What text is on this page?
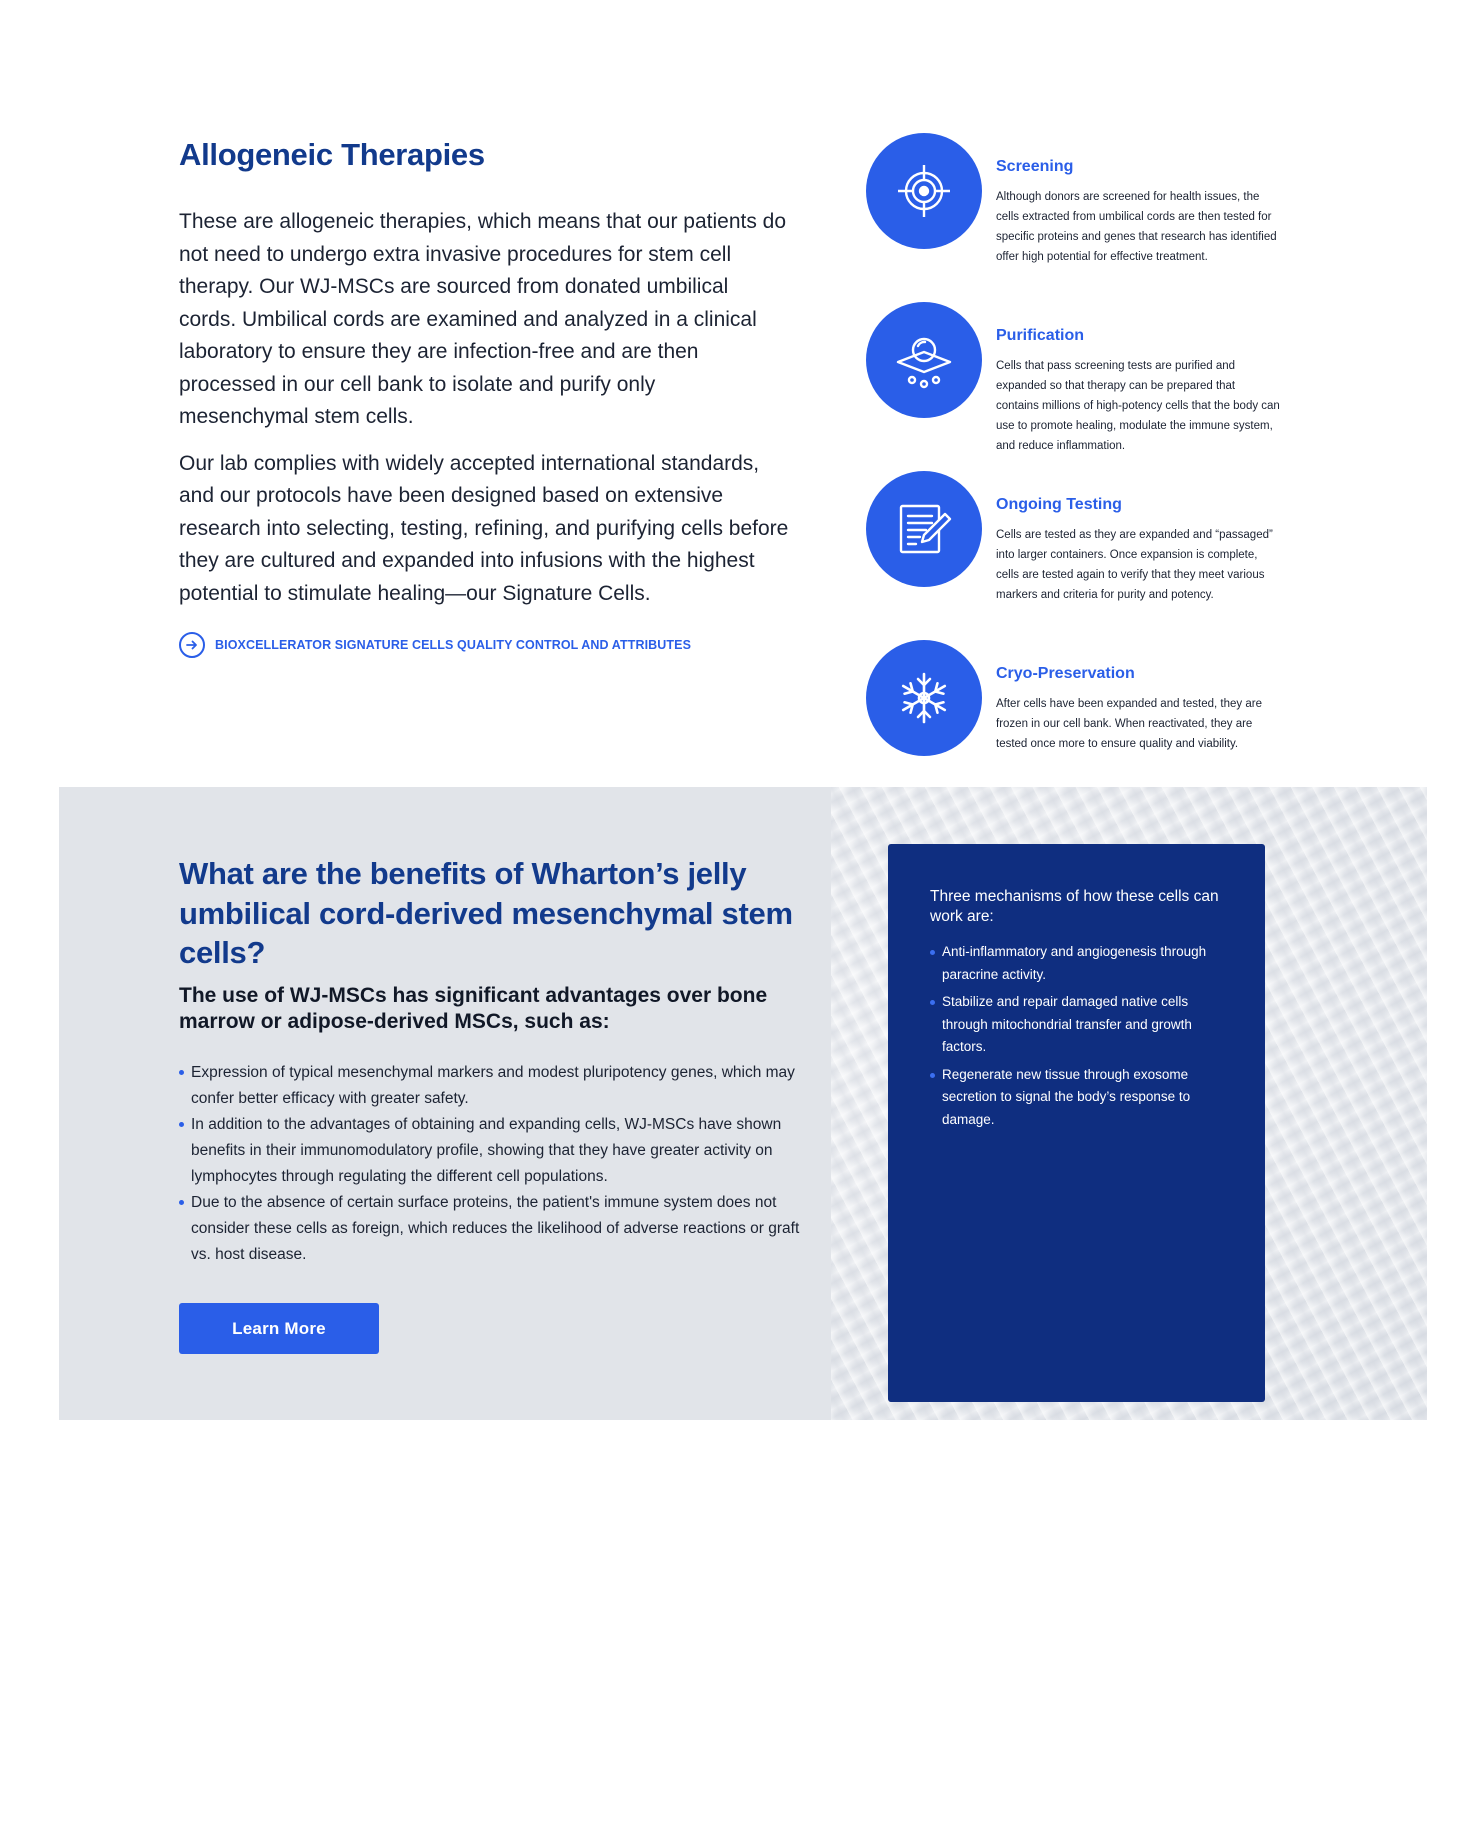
Allogeneic Therapies

These are allogeneic therapies, which means that our patients do not need to undergo extra invasive procedures for stem cell therapy. Our WJ-MSCs are sourced from donated umbilical cords. Umbilical cords are examined and analyzed in a clinical laboratory to ensure they are infection-free and are then processed in our cell bank to isolate and purify only mesenchymal stem cells.

Our lab complies with widely accepted international standards, and our protocols have been designed based on extensive research into selecting, testing, refining, and purifying cells before they are cultured and expanded into infusions with the highest potential to stimulate healing—our Signature Cells.

BIOXCELLERATOR SIGNATURE CELLS QUALITY CONTROL AND ATTRIBUTES
Screening

Although donors are screened for health issues, the cells extracted from umbilical cords are then tested for specific proteins and genes that research has identified offer high potential for effective treatment.

Purification

Cells that pass screening tests are purified and expanded so that therapy can be prepared that contains millions of high-potency cells that the body can use to promote healing, modulate the immune system, and reduce inflammation.

Ongoing Testing

Cells are tested as they are expanded and “passaged” into larger containers. Once expansion is complete, cells are tested again to verify that they meet various markers and criteria for purity and potency.

Cryo-Preservation

After cells have been expanded and tested, they are frozen in our cell bank. When reactivated, they are tested once more to ensure quality and viability.

What are the benefits of Wharton’s jelly umbilical cord-derived mesenchymal stem cells?
The use of WJ-MSCs has significant advantages over bone marrow or adipose-derived MSCs, such as:
Expression of typical mesenchymal markers and modest pluripotency genes, which may confer better efficacy with greater safety.
In addition to the advantages of obtaining and expanding cells, WJ-MSCs have shown benefits in their immunomodulatory profile, showing that they have greater activity on lymphocytes through regulating the different cell populations.
Due to the absence of certain surface proteins, the patient's immune system does not consider these cells as foreign, which reduces the likelihood of adverse reactions or graft vs. host disease.
Learn More
Three mechanisms of how these cells can work are:
Anti-inflammatory and angiogenesis through paracrine activity.
Stabilize and repair damaged native cells through mitochondrial transfer and growth factors.
Regenerate new tissue through exosome secretion to signal the body’s response to damage.
